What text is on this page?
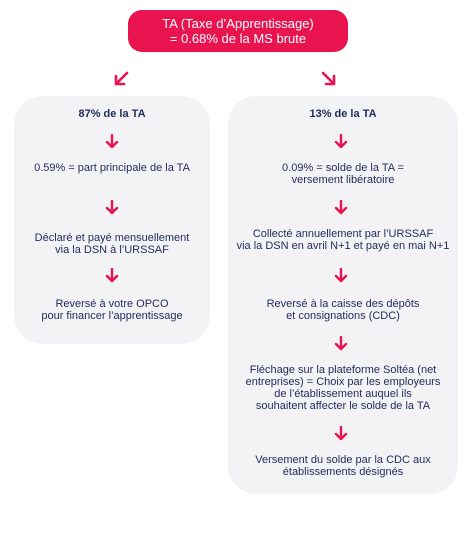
TA (Taxe d’Apprentissage)
= 0.68% de la MS brute
87% de la TA
0.59% = part principale de la TA
Déclaré et payé mensuellement
via la DSN à l’URSSAF
Reversé à votre OPCO
pour financer l’apprentissage
13% de la TA
0.09% = solde de la TA =
versement libératoire
Collecté annuellement par l’URSSAF
via la DSN en avril N+1 et payé en mai N+1
Reversé à la caisse des dépôts
et consignations (CDC)
Fléchage sur la plateforme Soltéa (net
entreprises) = Choix par les employeurs
de l’établissement auquel ils
souhaitent affecter le solde de la TA
Versement du solde par la CDC aux
établissements désignés
